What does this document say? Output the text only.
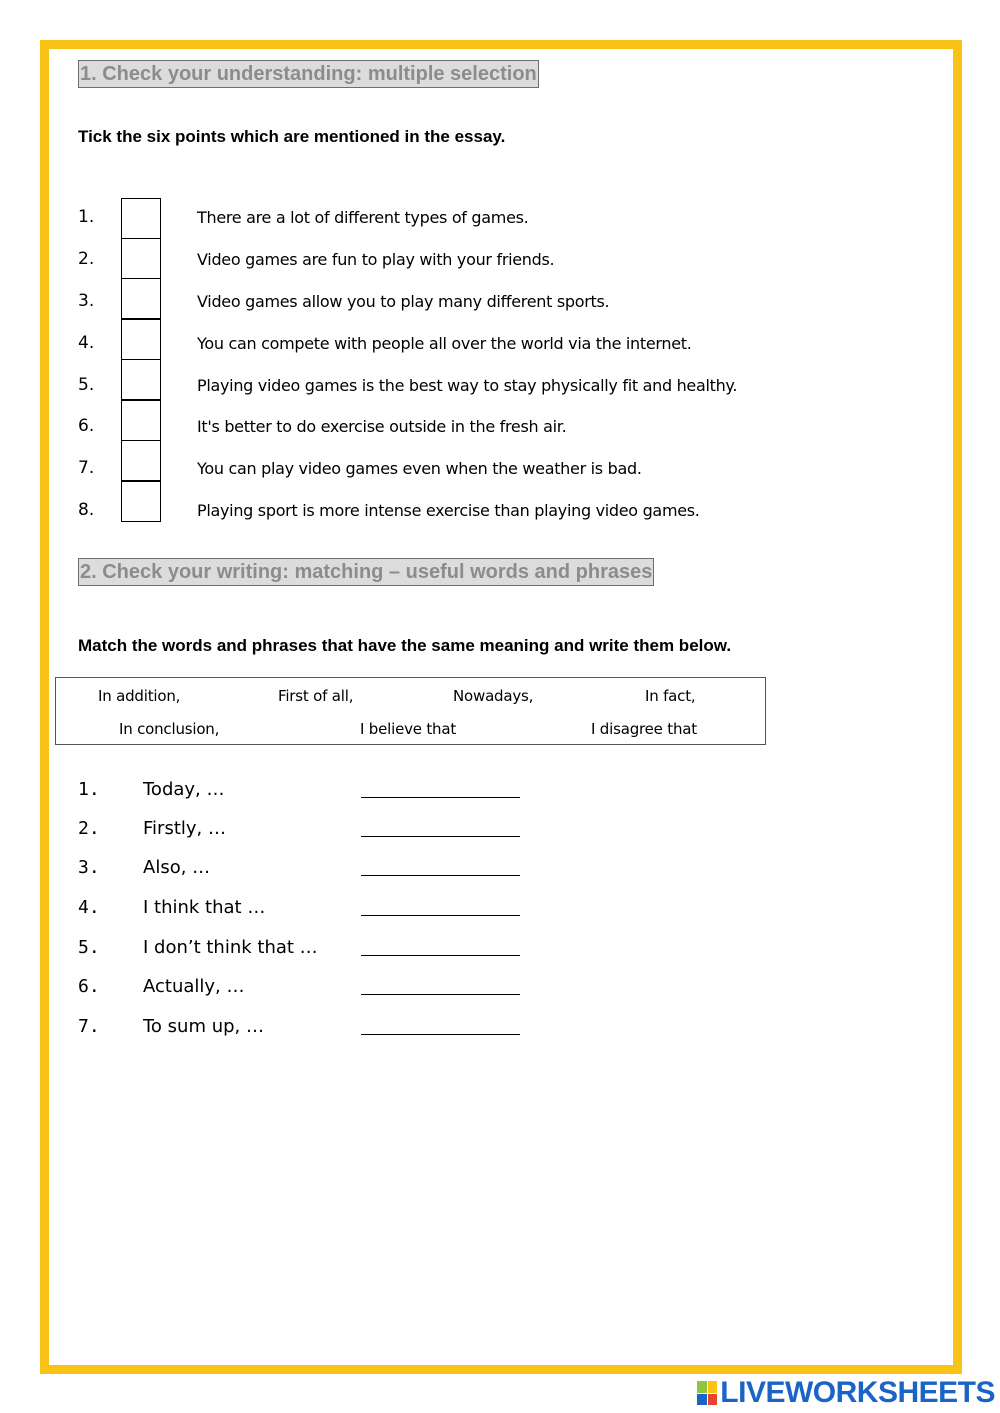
1. Check your understanding: multiple selection
Tick the six points which are mentioned in the essay.
1.	There are a lot of different types of games.
2.	Video games are fun to play with your friends.
3.	Video games allow you to play many different sports.
4.	You can compete with people all over the world via the internet.
5.	Playing video games is the best way to stay physically fit and healthy.
6.	It's better to do exercise outside in the fresh air.
7.	You can play video games even when the weather is bad.
8.	Playing sport is more intense exercise than playing video games.
2. Check your writing: matching – useful words and phrases
Match the words and phrases that have the same meaning and write them below.
In addition,	First of all,	Nowadays,	In fact,
In conclusion,	I believe that	I disagree that
1. Today, …
2. Firstly, …
3. Also, …
4. I think that …
5. I don’t think that …
6. Actually, …
7. To sum up, …
LIVEWORKSHEETS
